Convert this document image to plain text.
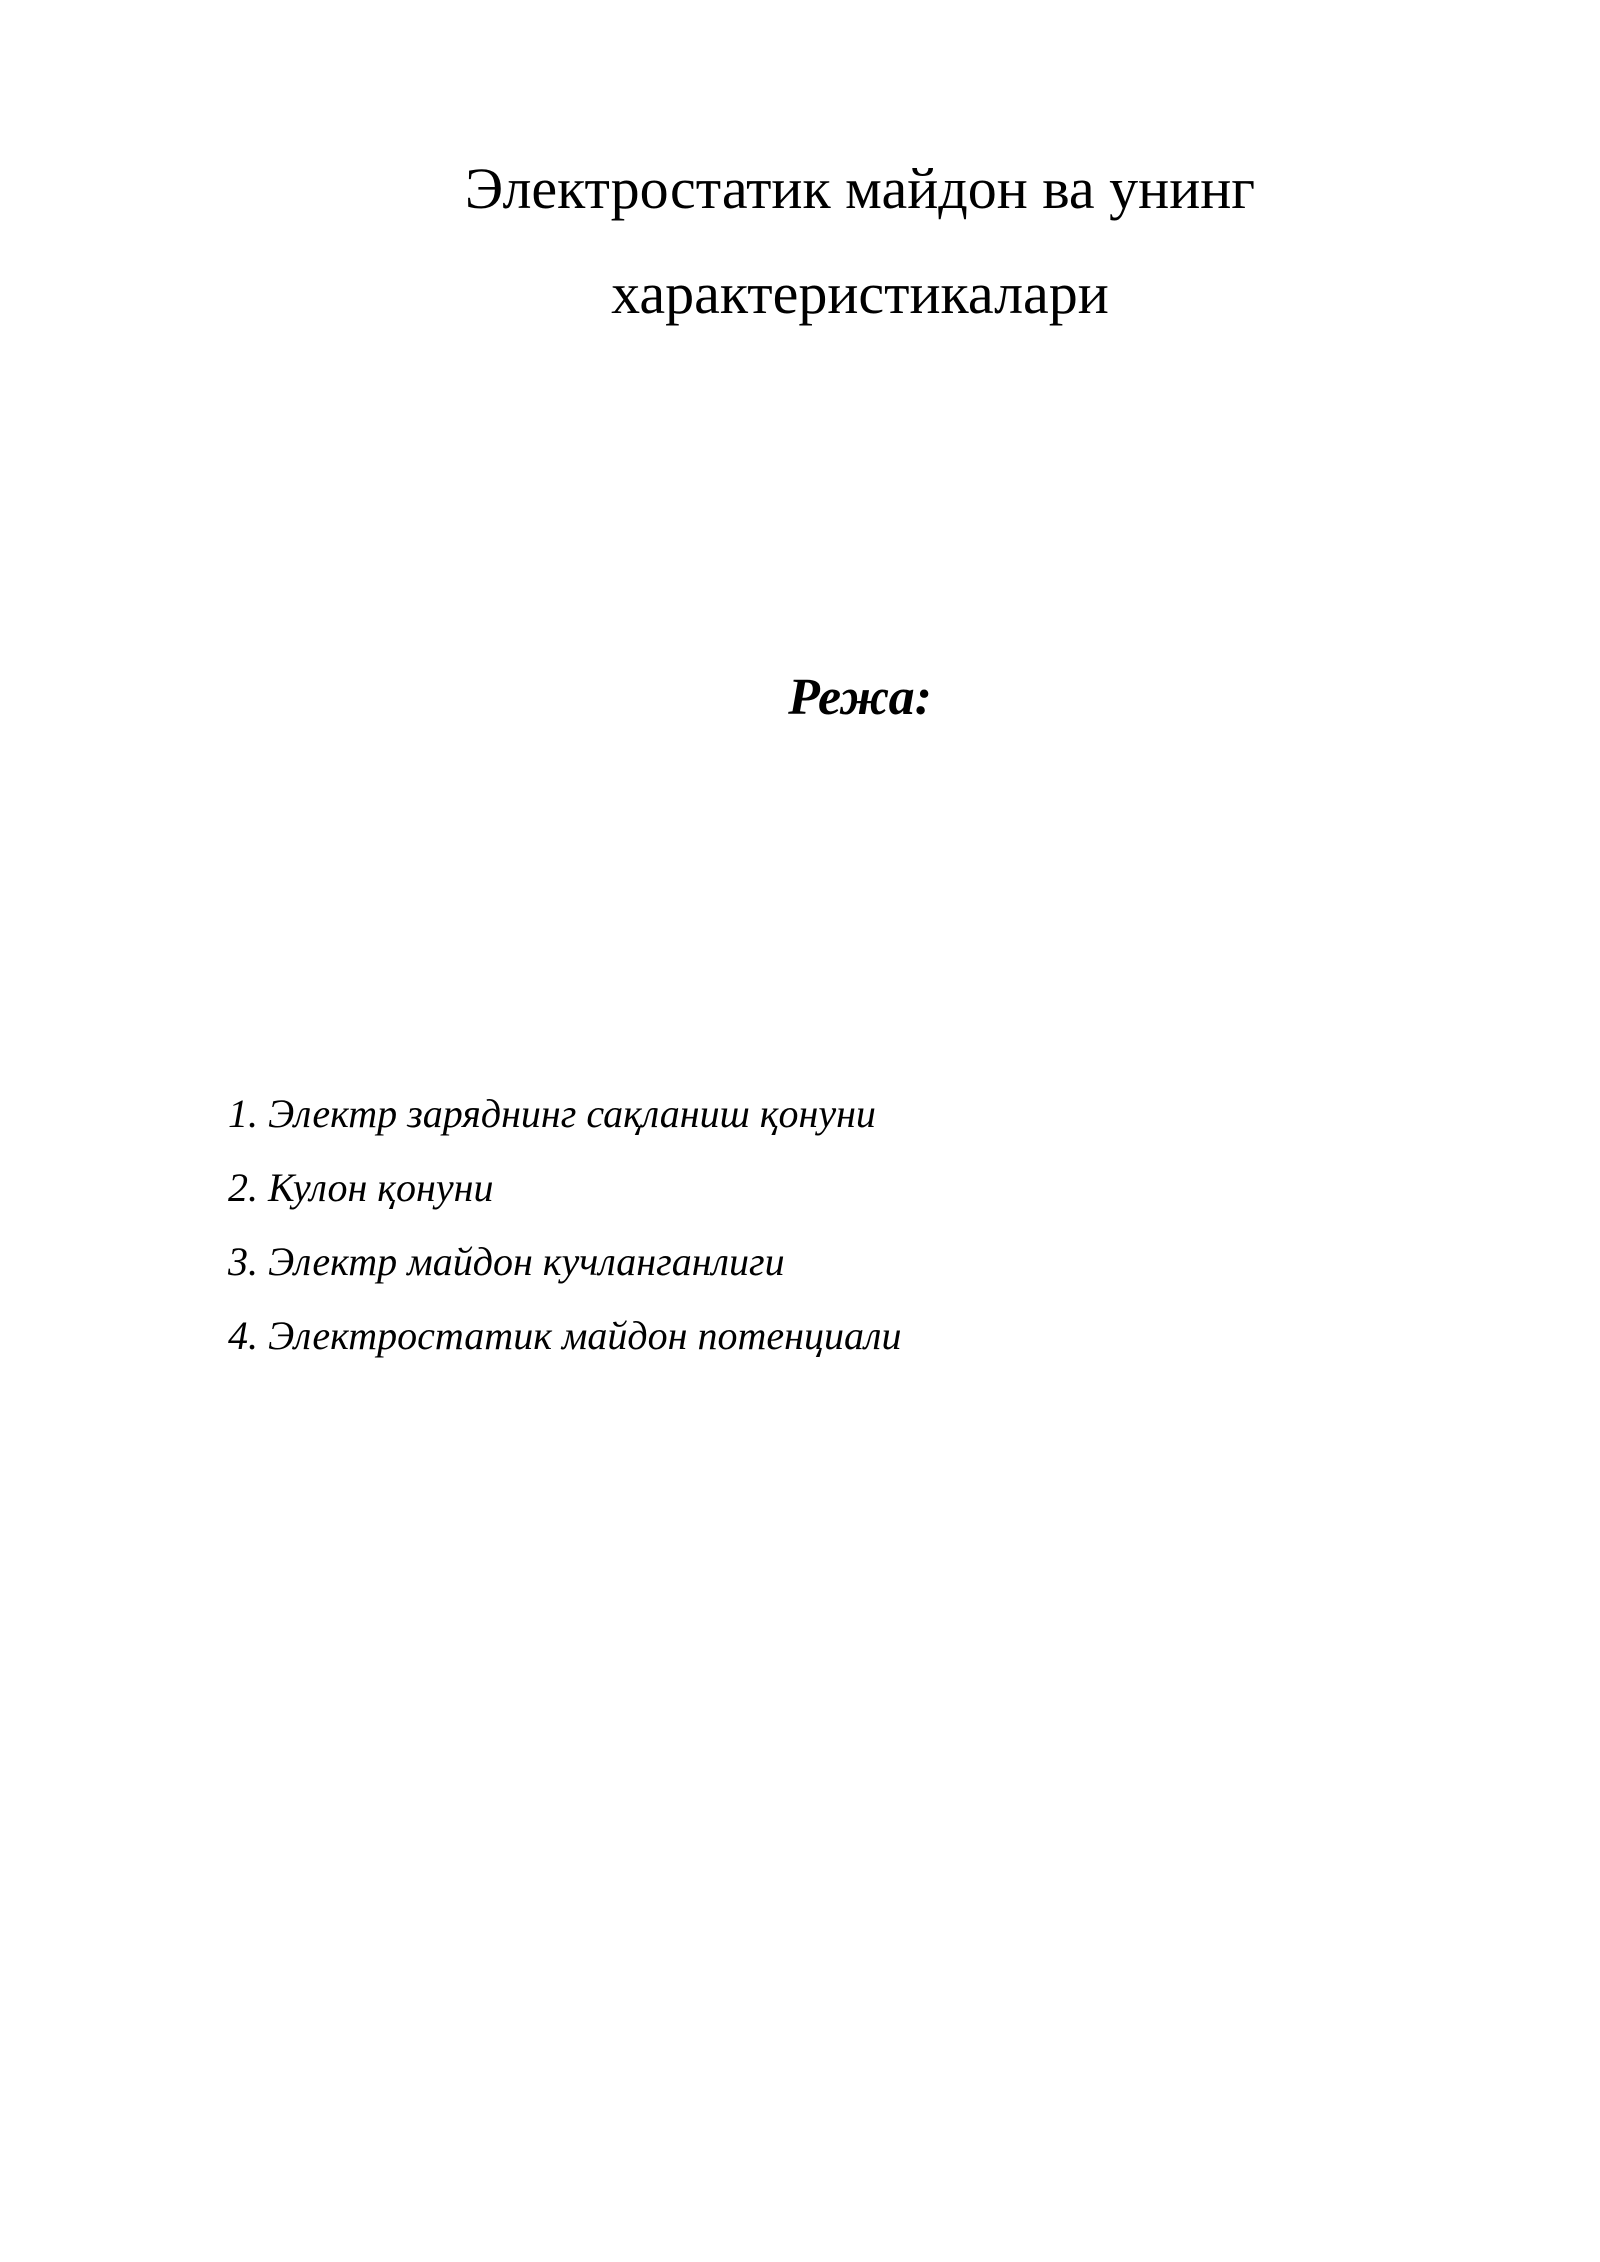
Электростатик майдон ва унинг
характеристикалари
Режа:
1. Электр заряднинг сақланиш қонуни
2. Кулон қонуни
3. Электр майдон кучланганлиги
4. Электростатик майдон потенциали
